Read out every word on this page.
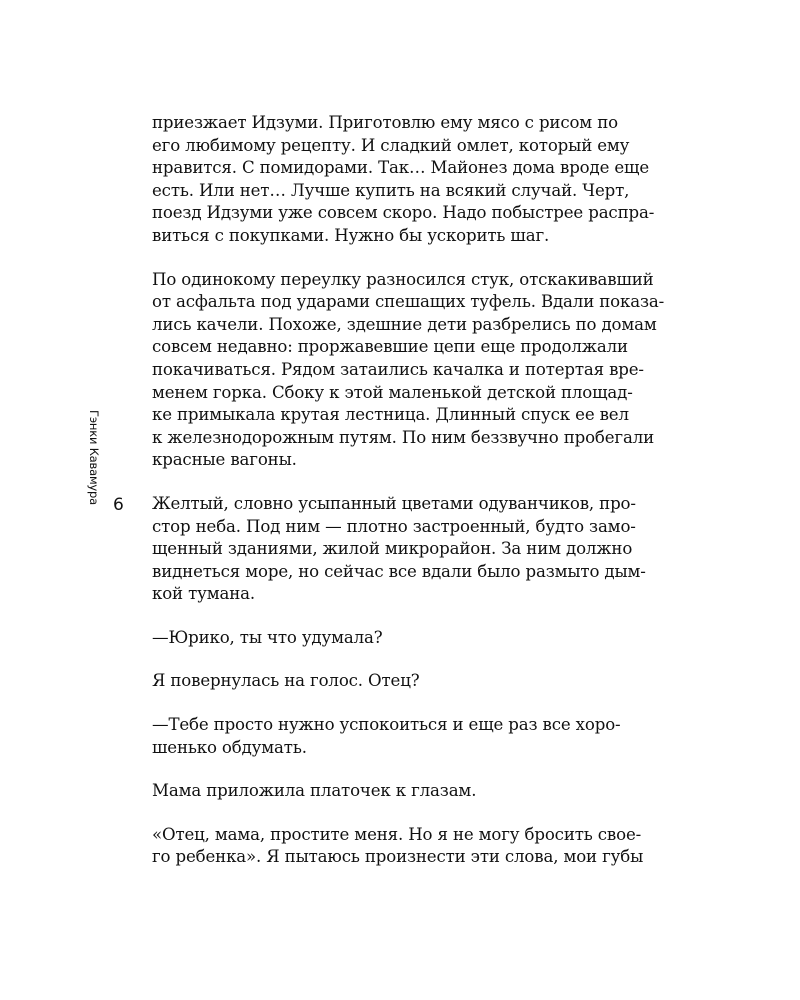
Гэнки Кавамура
6
приезжает Идзуми. Приготовлю ему мясо с рисом по
его любимому рецепту. И сладкий омлет, который ему
нравится. С помидорами. Так… Майонез дома вроде еще
есть. Или нет… Лучше купить на всякий случай. Черт,
поезд Идзуми уже совсем скоро. Надо побыстрее распра-
виться с покупками. Нужно бы ускорить шаг.
По одинокому переулку разносился стук, отскакивавший
от асфальта под ударами спешащих туфель. Вдали показа-
лись качели. Похоже, здешние дети разбрелись по домам
совсем недавно: проржавевшие цепи еще продолжали
покачиваться. Рядом затаились качалка и потертая вре-
менем горка. Сбоку к этой маленькой детской площад-
ке примыкала крутая лестница. Длинный спуск ее вел
к железнодорожным путям. По ним беззвучно пробегали
красные вагоны.
Желтый, словно усыпанный цветами одуванчиков, про-
стор неба. Под ним — плотно застроенный, будто замо-
щенный зданиями, жилой микрорайон. За ним должно
виднеться море, но сейчас все вдали было размыто дым-
кой тумана.
—Юрико, ты что удумала?
Я повернулась на голос. Отец?
—Тебе просто нужно успокоиться и еще раз все хоро-
шенько обдумать.
Мама приложила платочек к глазам.
«Отец, мама, простите меня. Но я не могу бросить свое-
го ребенка». Я пытаюсь произнести эти слова, мои губы
